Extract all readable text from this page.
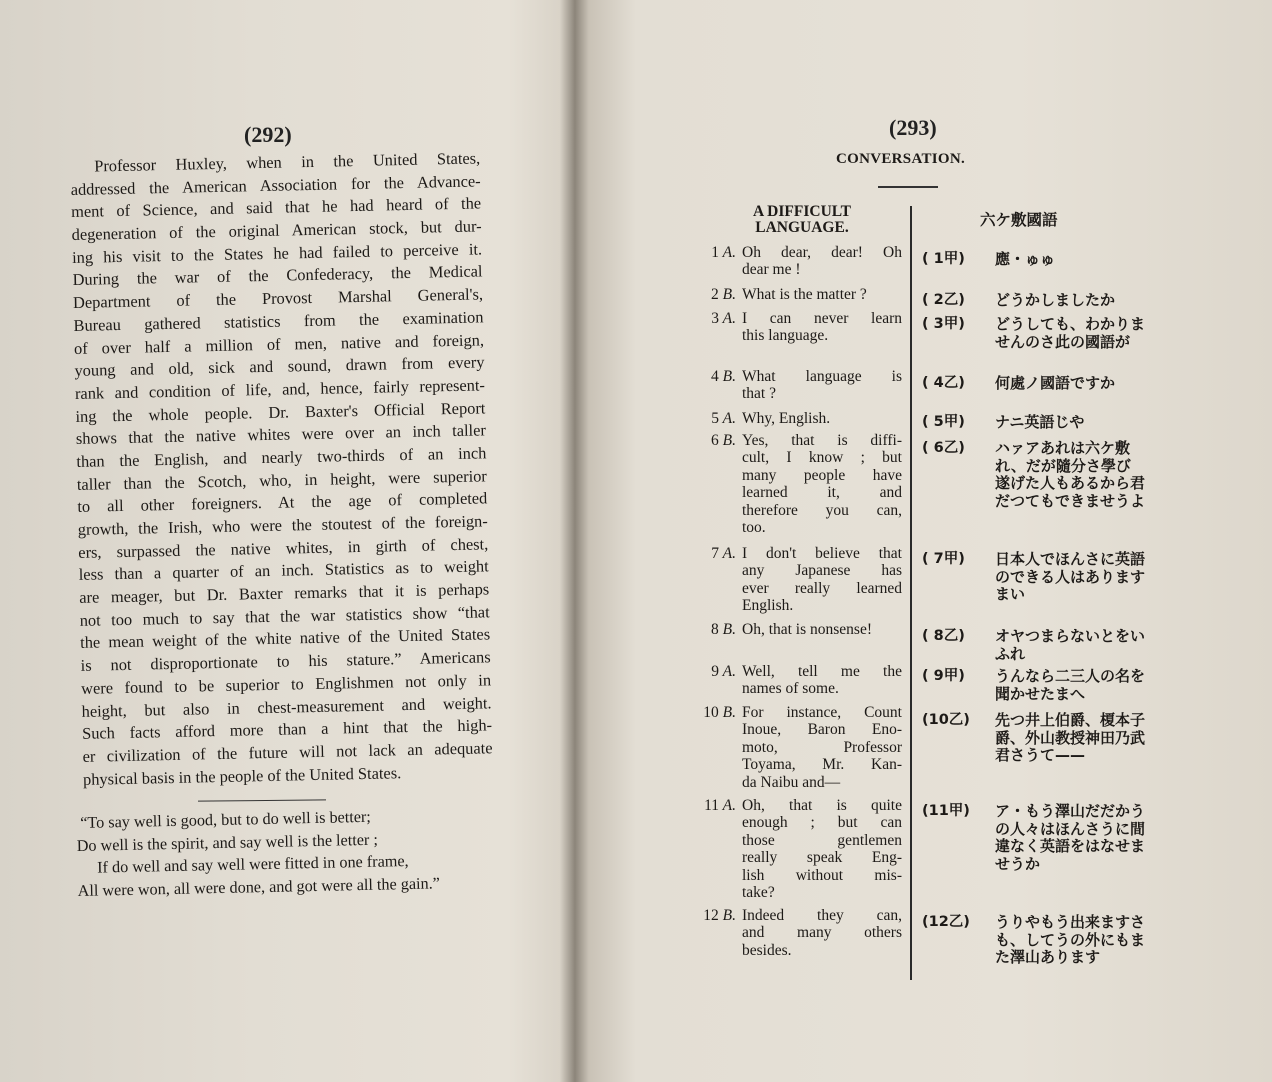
(292)
Professor Huxley, when in the United States,
addressed the American Association for the Advance-
ment of Science, and said that he had heard of the
degeneration of the original American stock, but dur-
ing his visit to the States he had failed to perceive it.
During the war of the Confederacy, the Medical
Department of the Provost Marshal General's,
Bureau gathered statistics from the examination
of over half a million of men, native and foreign,
young and old, sick and sound, drawn from every
rank and condition of life, and, hence, fairly represent-
ing the whole people. Dr. Baxter's Official Report
shows that the native whites were over an inch taller
than the English, and nearly two-thirds of an inch
taller than the Scotch, who, in height, were superior
to all other foreigners. At the age of completed
growth, the Irish, who were the stoutest of the foreign-
ers, surpassed the native whites, in girth of chest,
less than a quarter of an inch. Statistics as to weight
are meager, but Dr. Baxter remarks that it is perhaps
not too much to say that the war statistics show “that
the mean weight of the white native of the United States
is not disproportionate to his stature.” Americans
were found to be superior to Englishmen not only in
height, but also in chest-measurement and weight.
Such facts afford more than a hint that the high-
er civilization of the future will not lack an adequate
physical basis in the people of the United States.
“To say well is good, but to do well is better;
Do well is the spirit, and say well is the letter ;
If do well and say well were fitted in one frame,
All were won, all were done, and got were all the gain.”
(293)
CONVERSATION.
A DIFFICULT LANGUAGE.	六ケ敷國語
1 A. Oh dear, dear! Oh
dear me !
( 1甲)	應・ゅゅ
2 B. What is the matter ?	( 2乙)	どうかしましたか
3 A. I can never learn
this language.
( 3甲)	どうしても、わかりませんのさ此の國語が
4 B. What language is
that ?
( 4乙)	何處ノ國語ですか
5 A. Why, English.	( 5甲)	ナニ英語じや
6 B. Yes, that is diffi-
cult, I know ; but
many people have
learned it, and
therefore you can,
too.
( 6乙)	ハァアあれは六ケ敷れ、だが隨分さ學び遂げた人もあるから君だつてもできませうよ
7 A. I don't believe that
any Japanese has
ever really learned
English.
( 7甲)	日本人でほんさに英語のできる人はありますまい
8 B. Oh, that is nonsense!	( 8乙)	オヤつまらないとをいふれ
9 A. Well, tell me the
names of some.
( 9甲)	うんなら二三人の名を聞かせたまへ
10 B. For instance, Count
Inoue, Baron Eno-
moto, Professor
Toyama, Mr. Kan-
da Naibu and—
(10乙)	先つ井上伯爵、榎本子爵、外山教授神田乃武君さうて——
11 A. Oh, that is quite
enough ; but can
those gentlemen
really speak Eng-
lish without mis-
take?
(11甲)	ア・もう澤山だだかうの人々はほんさうに間違なく英語をはなせませうか
12 B. Indeed they can,
and many others
besides.
(12乙)	うりやもう出来ますさも、してうの外にもまた澤山あります
